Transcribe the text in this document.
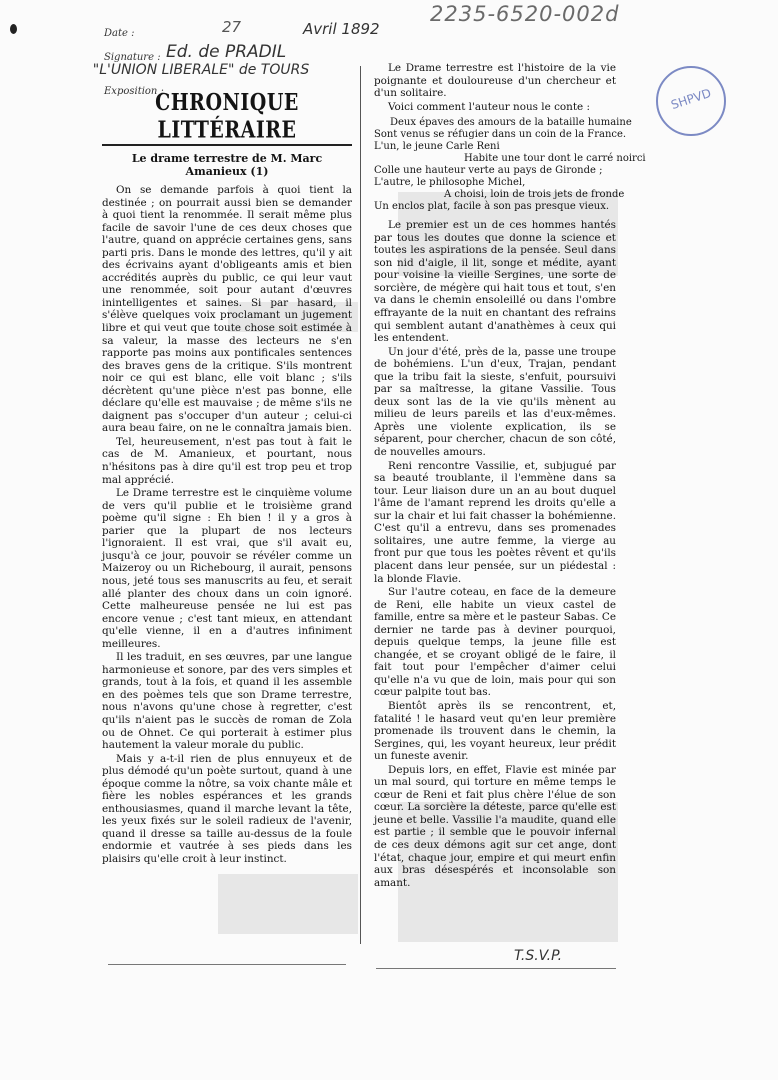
2235-6520-002d
Date :	27	Avril 1892
Signature : Ed. de PRADIL
"L'UNION LIBERALE" de TOURS
Exposition :	SHPVD
CHRONIQUE LITTÉRAIRE
Le drame terrestre de M. Marc Amanieux (1)

On se demande parfois à quoi tient la destinée ; on pourrait aussi bien se demander à quoi tient la renommée. Il serait même plus facile de savoir l'une de ces deux choses que l'autre, quand on apprécie certaines gens, sans parti pris. Dans le monde des lettres, qu'il y ait des écrivains ayant d'obligeants amis et bien accrédités auprès du public, ce qui leur vaut une renommée, soit pour autant d'œuvres inintelligentes et saines. Si par hasard, il s'élève quelques voix proclamant un jugement libre et qui veut que toute chose soit estimée à sa valeur, la masse des lecteurs ne s'en rapporte pas moins aux pontificales sentences des braves gens de la critique. S'ils montrent noir ce qui est blanc, elle voit blanc ; s'ils décrètent qu'une pièce n'est pas bonne, elle déclare qu'elle est mauvaise ; de même s'ils ne daignent pas s'occuper d'un auteur ; celui-ci aura beau faire, on ne le connaîtra jamais bien.

Tel, heureusement, n'est pas tout à fait le cas de M. Amanieux, et pourtant, nous n'hésitons pas à dire qu'il est trop peu et trop mal apprécié.

Le Drame terrestre est le cinquième volume de vers qu'il publie et le troisième grand poème qu'il signe : Eh bien ! il y a gros à parier que la plupart de nos lecteurs l'ignoraient. Il est vrai, que s'il avait eu, jusqu'à ce jour, pouvoir se révéler comme un Maizeroy ou un Richebourg, il aurait, pensons nous, jeté tous ses manuscrits au feu, et serait allé planter des choux dans un coin ignoré. Cette malheureuse pensée ne lui est pas encore venue ; c'est tant mieux, en attendant qu'elle vienne, il en a d'autres infiniment meilleures.

Il les traduit, en ses œuvres, par une langue harmonieuse et sonore, par des vers simples et grands, tout à la fois, et quand il les assemble en des poèmes tels que son Drame terrestre, nous n'avons qu'une chose à regretter, c'est qu'ils n'aient pas le succès de roman de Zola ou de Ohnet. Ce qui porterait à estimer plus hautement la valeur morale du public.

Mais y a-t-il rien de plus ennuyeux et de plus démodé qu'un poète surtout, quand à une époque comme la nôtre, sa voix chante mâle et fière les nobles espérances et les grands enthousiasmes, quand il marche levant la tête, les yeux fixés sur le soleil radieux de l'avenir, quand il dresse sa taille au-dessus de la foule endormie et vautrée à ses pieds dans les plaisirs qu'elle croit à leur instinct.

Le Drame terrestre est l'histoire de la vie poignante et douloureuse d'un chercheur et d'un solitaire.

Voici comment l'auteur nous le conte :

Deux épaves des amours de la bataille humaine
Sont venus se réfugier dans un coin de la France.
L'un, le jeune Carle Reni
Habite une tour dont le carré noirci
Colle une hauteur verte au pays de Gironde ;
L'autre, le philosophe Michel,
A choisi, loin de trois jets de fronde
Un enclos plat, facile à son pas presque vieux.

Le premier est un de ces hommes hantés par tous les doutes que donne la science et toutes les aspirations de la pensée. Seul dans son nid d'aigle, il lit, songe et médite, ayant pour voisine la vieille Sergines, une sorte de sorcière, de mégère qui hait tous et tout, s'en va dans le chemin ensoleillé ou dans l'ombre effrayante de la nuit en chantant des refrains qui semblent autant d'anathèmes à ceux qui les entendent.

Un jour d'été, près de la, passe une troupe de bohémiens. L'un d'eux, Trajan, pendant que la tribu fait la sieste, s'enfuit, poursuivi par sa maîtresse, la gitane Vassilie. Tous deux sont las de la vie qu'ils mènent au milieu de leurs pareils et las d'eux-mêmes. Après une violente explication, ils se séparent, pour chercher, chacun de son côté, de nouvelles amours.

Reni rencontre Vassilie, et, subjugué par sa beauté troublante, il l'emmène dans sa tour. Leur liaison dure un an au bout duquel l'âme de l'amant reprend les droits qu'elle a sur la chair et lui fait chasser la bohémienne. C'est qu'il a entrevu, dans ses promenades solitaires, une autre femme, la vierge au front pur que tous les poètes rêvent et qu'ils placent dans leur pensée, sur un piédestal : la blonde Flavie.

Sur l'autre coteau, en face de la demeure de Reni, elle habite un vieux castel de famille, entre sa mère et le pasteur Sabas. Ce dernier ne tarde pas à deviner pourquoi, depuis quelque temps, la jeune fille est changée, et se croyant obligé de le faire, il fait tout pour l'empêcher d'aimer celui qu'elle n'a vu que de loin, mais pour qui son cœur palpite tout bas.

Bientôt après ils se rencontrent, et, fatalité ! le hasard veut qu'en leur première promenade ils trouvent dans le chemin, la Sergines, qui, les voyant heureux, leur prédit un funeste avenir.

Depuis lors, en effet, Flavie est minée par un mal sourd, qui torture en même temps le cœur de Reni et fait plus chère l'élue de son cœur. La sorcière la déteste, parce qu'elle est jeune et belle. Vassilie l'a maudite, quand elle est partie ; il semble que le pouvoir infernal de ces deux démons agit sur cet ange, dont l'état, chaque jour, empire et qui meurt enfin aux bras désespérés et inconsolable son amant.

T.S.V.P.
